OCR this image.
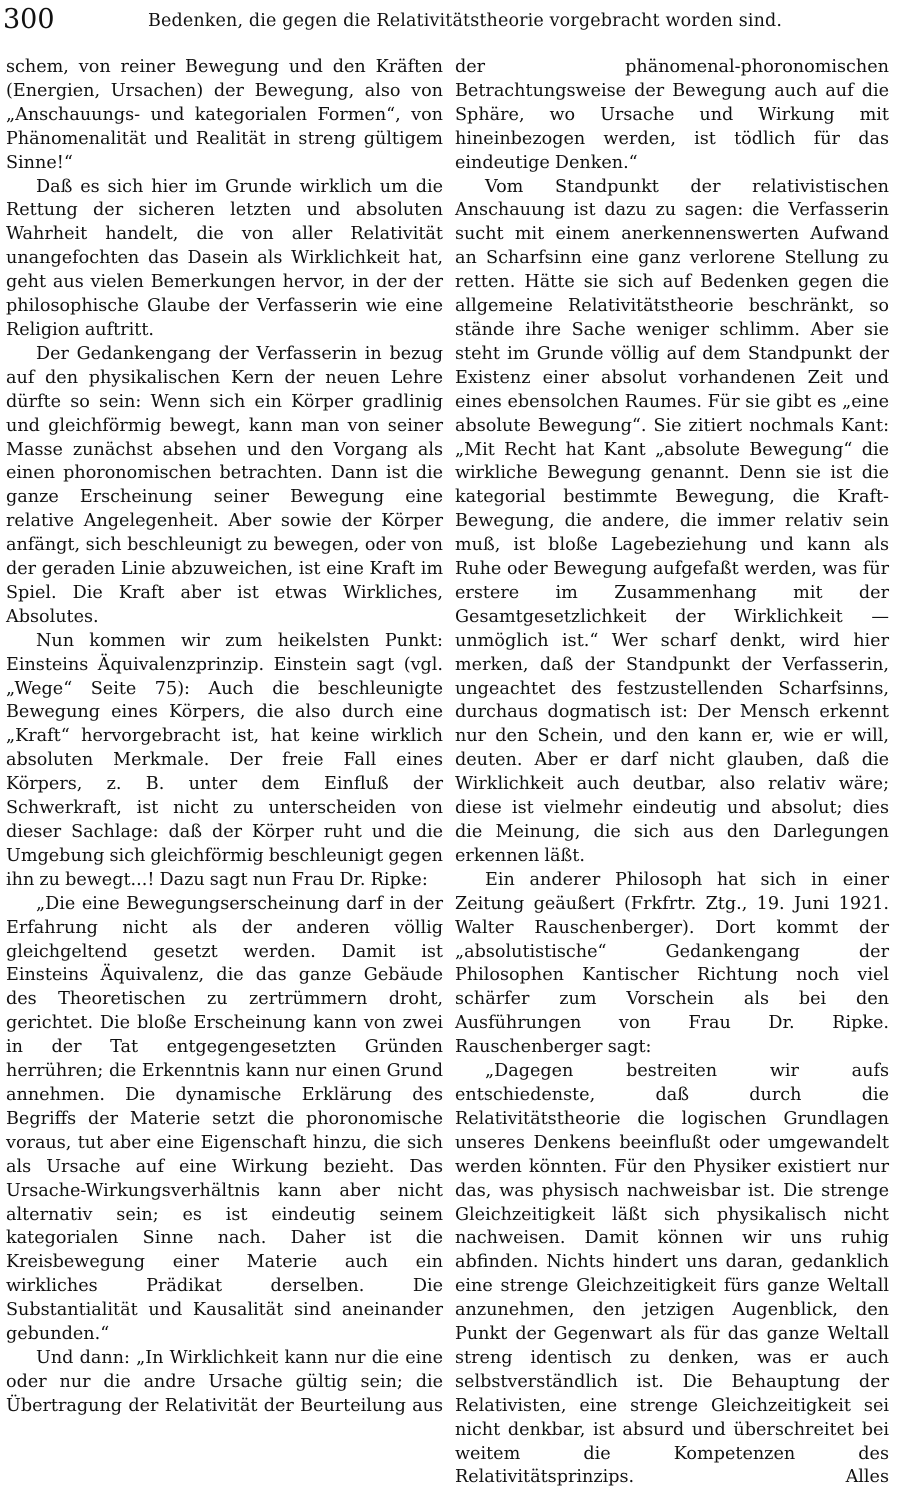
300	Bedenken, die gegen die Relativitätstheorie vorgebracht worden sind.

schem, von reiner Bewegung und den Kräften (Energien, Ursachen) der Bewegung, also von „Anschauungs- und kategorialen Formen“, von Phänomenalität und Realität in streng gültigem Sinne!“

Daß es sich hier im Grunde wirklich um die Rettung der sicheren letzten und absoluten Wahrheit handelt, die von aller Relativität unangefochten das Dasein als Wirklichkeit hat, geht aus vielen Bemerkungen hervor, in der der philosophische Glaube der Verfasserin wie eine Religion auftritt.

Der Gedankengang der Verfasserin in bezug auf den physikalischen Kern der neuen Lehre dürfte so sein: Wenn sich ein Körper gradlinig und gleichförmig bewegt, kann man von seiner Masse zunächst absehen und den Vorgang als einen phoronomischen betrachten. Dann ist die ganze Erscheinung seiner Bewegung eine relative Angelegenheit. Aber sowie der Körper anfängt, sich beschleunigt zu bewegen, oder von der geraden Linie abzuweichen, ist eine Kraft im Spiel. Die Kraft aber ist etwas Wirkliches, Absolutes.

Nun kommen wir zum heikelsten Punkt: Einsteins Äquivalenzprinzip. Einstein sagt (vgl. „Wege“ Seite 75): Auch die beschleunigte Bewegung eines Körpers, die also durch eine „Kraft“ hervorgebracht ist, hat keine wirklich absoluten Merkmale. Der freie Fall eines Körpers, z. B. unter dem Einfluß der Schwerkraft, ist nicht zu unterscheiden von dieser Sachlage: daß der Körper ruht und die Umgebung sich gleichförmig beschleunigt gegen ihn zu bewegt...! Dazu sagt nun Frau Dr. Ripke:

„Die eine Bewegungserscheinung darf in der Erfahrung nicht als der anderen völlig gleichgeltend gesetzt werden. Damit ist Einsteins Äquivalenz, die das ganze Gebäude des Theoretischen zu zertrümmern droht, gerichtet. Die bloße Erscheinung kann von zwei in der Tat entgegengesetzten Gründen herrühren; die Erkenntnis kann nur einen Grund annehmen. Die dynamische Erklärung des Begriffs der Materie setzt die phoronomische voraus, tut aber eine Eigenschaft hinzu, die sich als Ursache auf eine Wirkung bezieht. Das Ursache-Wirkungsverhältnis kann aber nicht alternativ sein; es ist eindeutig seinem kategorialen Sinne nach. Daher ist die Kreisbewegung einer Materie auch ein wirkliches Prädikat derselben. Die Substantialität und Kausalität sind aneinander gebunden.“

Und dann: „In Wirklichkeit kann nur die eine oder nur die andre Ursache gültig sein; die Übertragung der Relativität der Beurteilung aus

der phänomenal-phoronomischen Betrachtungsweise der Bewegung auch auf die Sphäre, wo Ursache und Wirkung mit hineinbezogen werden, ist tödlich für das eindeutige Denken.“

Vom Standpunkt der relativistischen Anschauung ist dazu zu sagen: die Verfasserin sucht mit einem anerkennenswerten Aufwand an Scharfsinn eine ganz verlorene Stellung zu retten. Hätte sie sich auf Bedenken gegen die allgemeine Relativitätstheorie beschränkt, so stände ihre Sache weniger schlimm. Aber sie steht im Grunde völlig auf dem Standpunkt der Existenz einer absolut vorhandenen Zeit und eines ebensolchen Raumes. Für sie gibt es „eine absolute Bewegung“. Sie zitiert nochmals Kant: „Mit Recht hat Kant „absolute Bewegung“ die wirkliche Bewegung genannt. Denn sie ist die kategorial bestimmte Bewegung, die Kraft-Bewegung, die andere, die immer relativ sein muß, ist bloße Lagebeziehung und kann als Ruhe oder Bewegung aufgefaßt werden, was für erstere im Zusammenhang mit der Gesamtgesetzlichkeit der Wirklichkeit — unmöglich ist.“ Wer scharf denkt, wird hier merken, daß der Standpunkt der Verfasserin, ungeachtet des festzustellenden Scharfsinns, durchaus dogmatisch ist: Der Mensch erkennt nur den Schein, und den kann er, wie er will, deuten. Aber er darf nicht glauben, daß die Wirklichkeit auch deutbar, also relativ wäre; diese ist vielmehr eindeutig und absolut; dies die Meinung, die sich aus den Darlegungen erkennen läßt.

Ein anderer Philosoph hat sich in einer Zeitung geäußert (Frkfrtr. Ztg., 19. Juni 1921. Walter Rauschenberger). Dort kommt der „absolutistische“ Gedankengang der Philosophen Kantischer Richtung noch viel schärfer zum Vorschein als bei den Ausführungen von Frau Dr. Ripke. Rauschenberger sagt:

„Dagegen bestreiten wir aufs entschiedenste, daß durch die Relativitätstheorie die logischen Grundlagen unseres Denkens beeinflußt oder umgewandelt werden könnten. Für den Physiker existiert nur das, was physisch nachweisbar ist. Die strenge Gleichzeitigkeit läßt sich physikalisch nicht nachweisen. Damit können wir uns ruhig abfinden. Nichts hindert uns daran, gedanklich eine strenge Gleichzeitigkeit fürs ganze Weltall anzunehmen, den jetzigen Augenblick, den Punkt der Gegenwart als für das ganze Weltall streng identisch zu denken, was er auch selbstverständlich ist. Die Behauptung der Relativisten, eine strenge Gleichzeitigkeit sei nicht denkbar, ist absurd und überschreitet bei weitem die Kompetenzen des Relativitätsprinzips. Alles
